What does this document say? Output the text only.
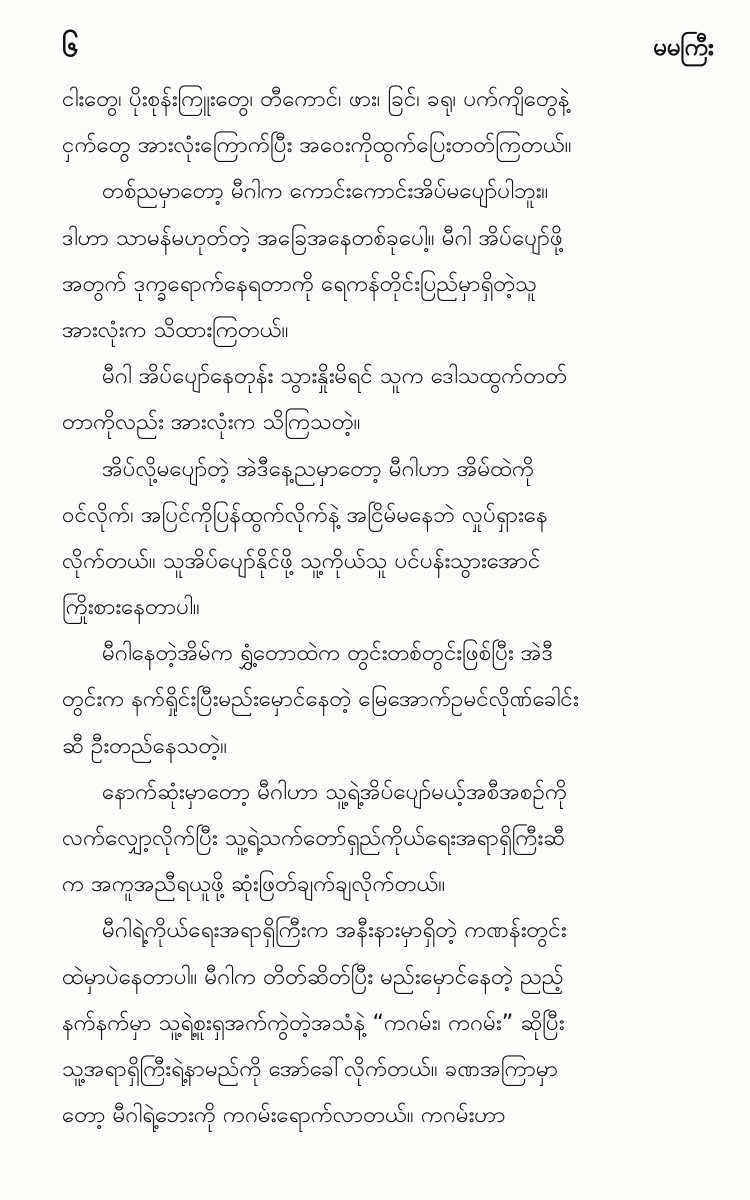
၆	မမကြီး
ငါးတွေ၊ ပိုးစုန်းကြူးတွေ၊ တီကောင်၊ ဖား၊ ခြင်၊ ခရု၊ ပက်ကျိတွေနဲ့
ငှက်တွေ အားလုံးကြောက်ပြီး အဝေးကိုထွက်ပြေးတတ်ကြတယ်။
တစ်ညမှာတော့ မီဂါက ကောင်းကောင်းအိပ်မပျော်ပါဘူး။
ဒါဟာ သာမန်မဟုတ်တဲ့ အခြေအနေတစ်ခုပေါ့။ မီဂါ အိပ်ပျော်ဖို့
အတွက် ဒုက္ခရောက်နေရတာကို ရေကန်တိုင်းပြည်မှာရှိတဲ့သူ
အားလုံးက သိထားကြတယ်။
မီဂါ အိပ်ပျော်နေတုန်း သွားနှိုးမိရင် သူက ဒေါသထွက်တတ်
တာကိုလည်း အားလုံးက သိကြသတဲ့။
အိပ်လို့မပျော်တဲ့ အဲဒီနေ့ညမှာတော့ မီဂါဟာ အိမ်ထဲကို
ဝင်လိုက်၊ အပြင်ကိုပြန်ထွက်လိုက်နဲ့ အငြိမ်မနေဘဲ လှုပ်ရှားနေ
လိုက်တယ်။ သူအိပ်ပျော်နိုင်ဖို့ သူ့ကိုယ်သူ ပင်ပန်းသွားအောင်
ကြိုးစားနေတာပါ။
မီဂါနေတဲ့အိမ်က ရွှံ့တောထဲက တွင်းတစ်တွင်းဖြစ်ပြီး အဲဒီ
တွင်းက နက်ရှိုင်းပြီးမည်းမှောင်နေတဲ့ မြေအောက်ဥမင်လိုဏ်ခေါင်း
ဆီ ဦးတည်နေသတဲ့။
နောက်ဆုံးမှာတော့ မီဂါဟာ သူ့ရဲ့အိပ်ပျော်မယ့်အစီအစဉ်ကို
လက်လျှော့လိုက်ပြီး သူ့ရဲ့သက်တော်ရှည်ကိုယ်ရေးအရာရှိကြီးဆီ
က အကူအညီရယူဖို့ ဆုံးဖြတ်ချက်ချလိုက်တယ်။
မီဂါရဲ့ကိုယ်ရေးအရာရှိကြီးက အနီးနားမှာရှိတဲ့ ကဏန်းတွင်း
ထဲမှာပဲနေတာပါ။ မီဂါက တိတ်ဆိတ်ပြီး မည်းမှောင်နေတဲ့ ညည့်
နက်နက်မှာ သူ့ရဲ့စူးရှအက်ကွဲတဲ့အသံနဲ့ “ကဂမ်း၊ ကဂမ်း” ဆိုပြီး
သူ့အရာရှိကြီးရဲ့နာမည်ကို အော်ခေါ်လိုက်တယ်။ ခဏအကြာမှာ
တော့ မီဂါရဲ့ဘေးကို ကဂမ်းရောက်လာတယ်။ ကဂမ်းဟာ
